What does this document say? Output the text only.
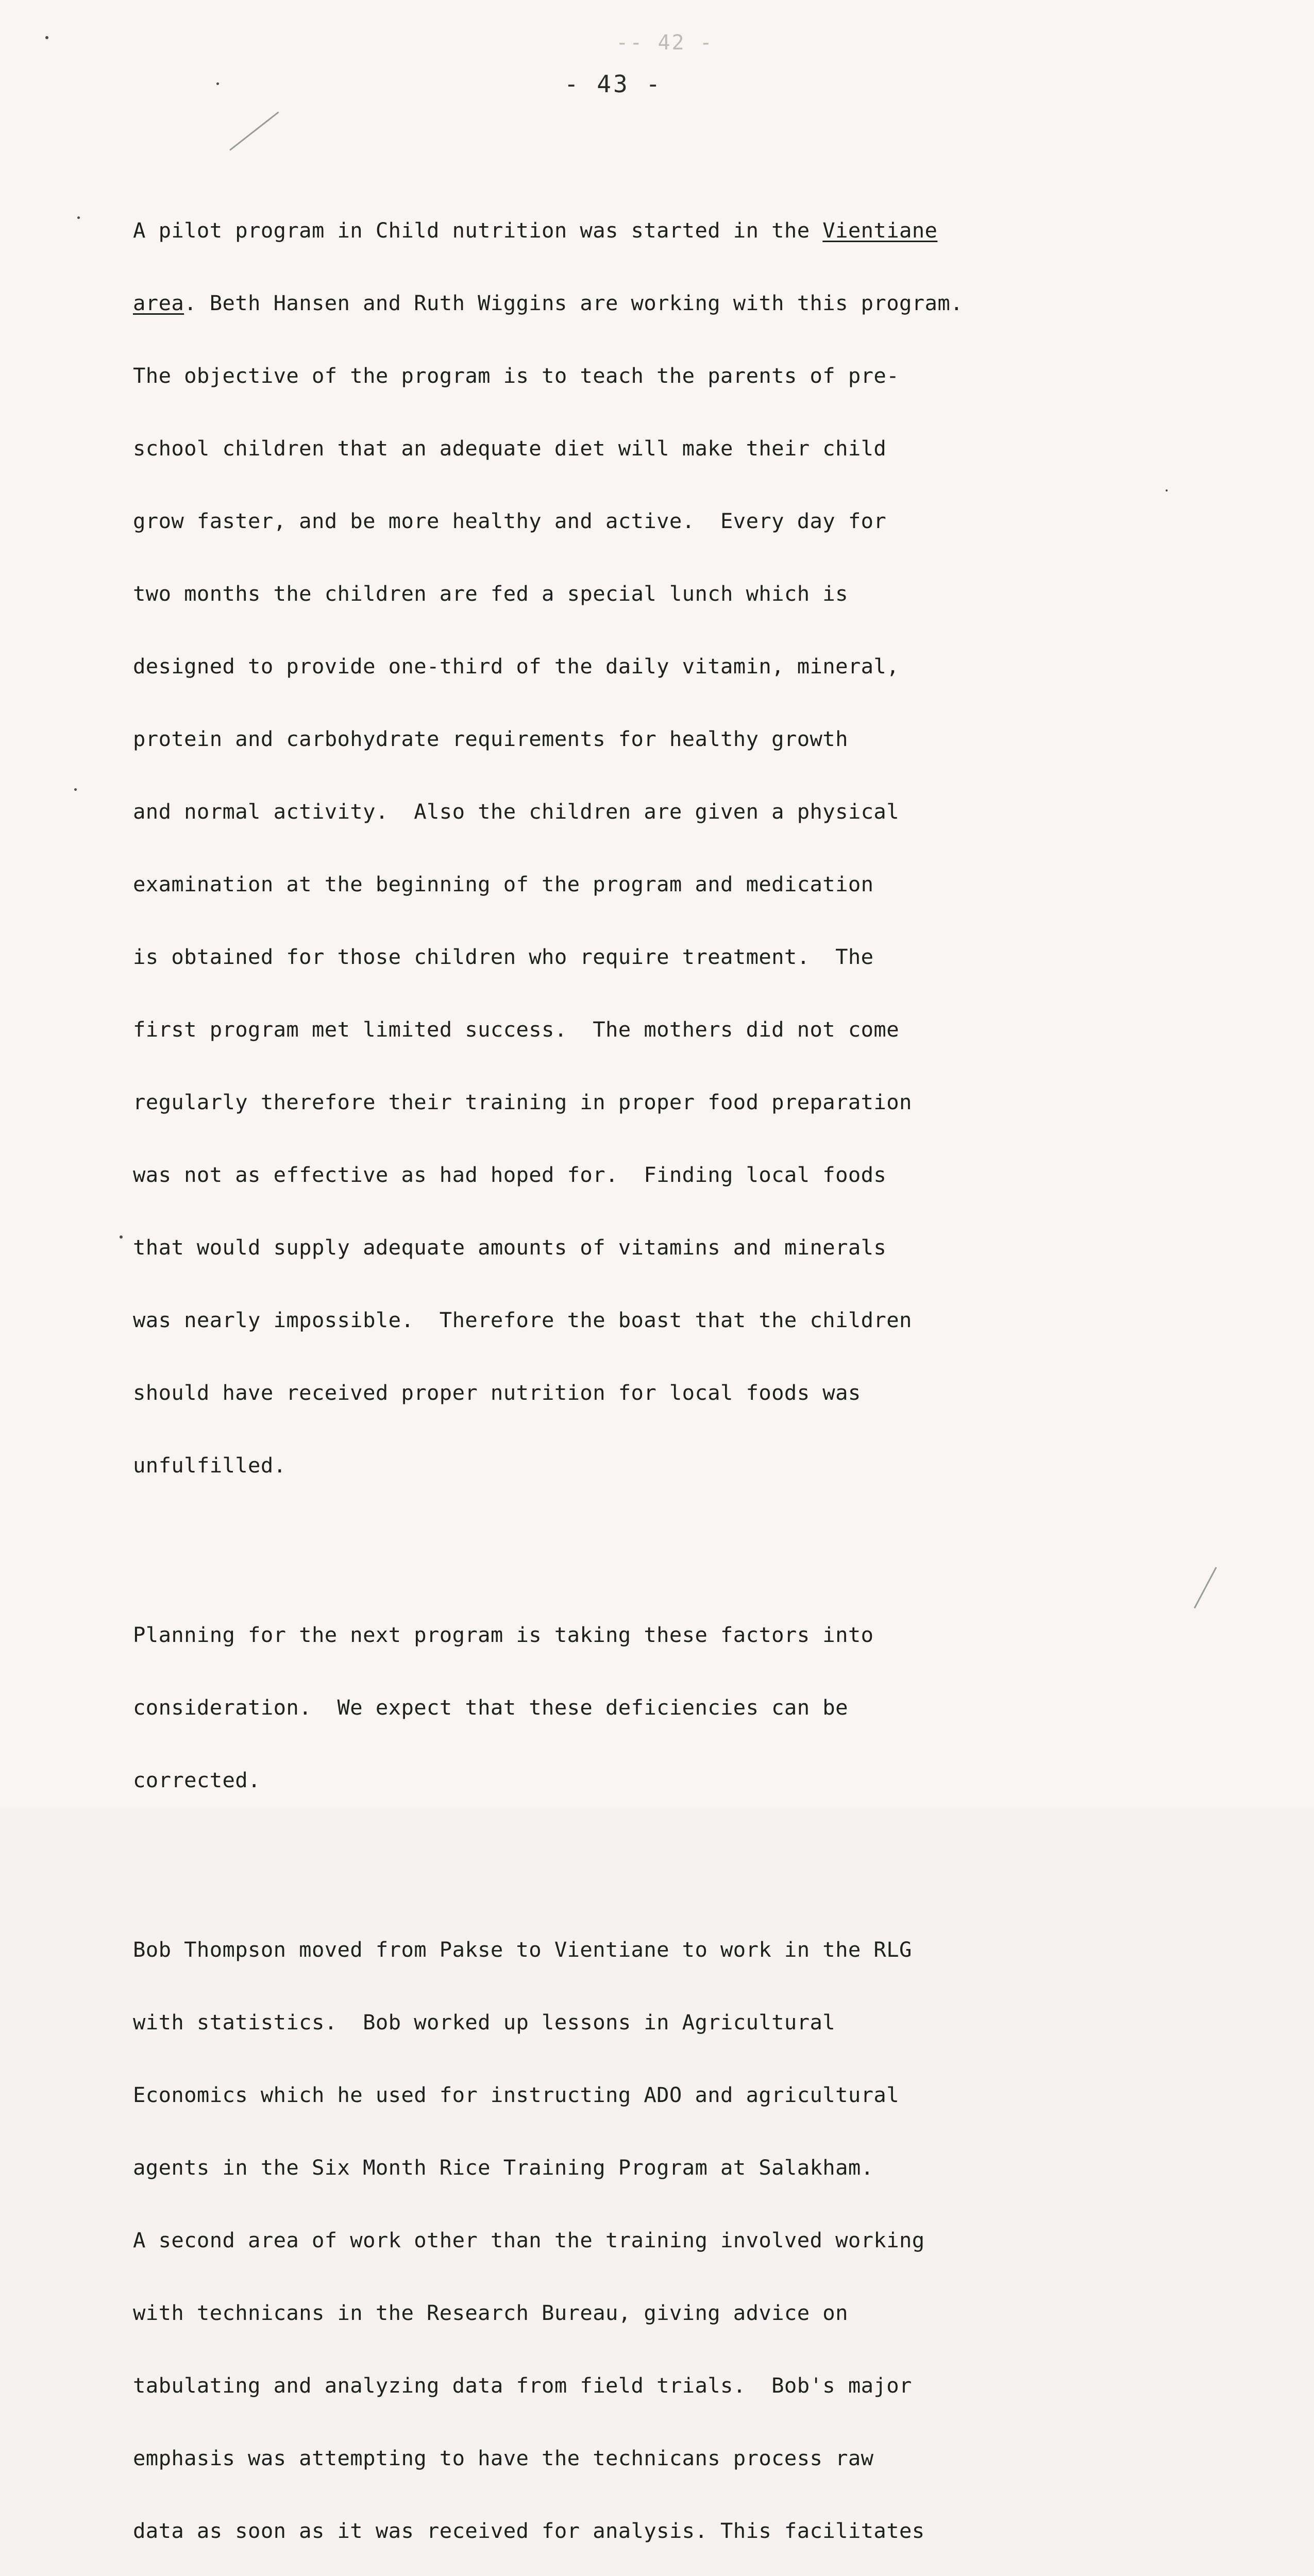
-- 42 -
- 43 -

A pilot program in Child nutrition was started in the Vientiane

area. Beth Hansen and Ruth Wiggins are working with this program.

The objective of the program is to teach the parents of pre-

school children that an adequate diet will make their child

grow faster, and be more healthy and active.  Every day for

two months the children are fed a special lunch which is

designed to provide one-third of the daily vitamin, mineral,

protein and carbohydrate requirements for healthy growth

and normal activity.  Also the children are given a physical

examination at the beginning of the program and medication

is obtained for those children who require treatment.  The

first program met limited success.  The mothers did not come

regularly therefore their training in proper food preparation

was not as effective as had hoped for.  Finding local foods

that would supply adequate amounts of vitamins and minerals

was nearly impossible.  Therefore the boast that the children

should have received proper nutrition for local foods was

unfulfilled.

Planning for the next program is taking these factors into

consideration.  We expect that these deficiencies can be

corrected.

Bob Thompson moved from Pakse to Vientiane to work in the RLG

with statistics.  Bob worked up lessons in Agricultural

Economics which he used for instructing ADO and agricultural

agents in the Six Month Rice Training Program at Salakham.

A second area of work other than the training involved working

with technicans in the Research Bureau, giving advice on

tabulating and analyzing data from field trials.  Bob's major

emphasis was attempting to have the technicans process raw

data as soon as it was received for analysis. This facilitates
